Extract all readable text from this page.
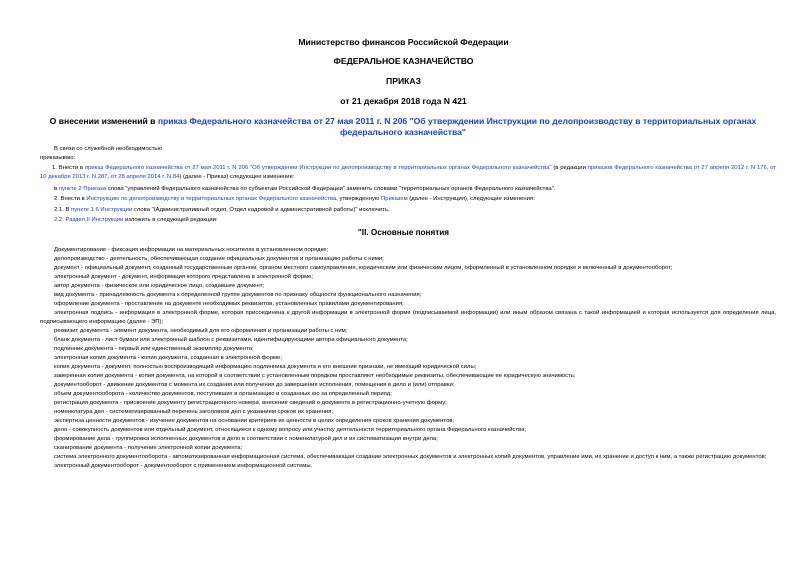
Министерство финансов Российской Федерации
ФЕДЕРАЛЬНОЕ КАЗНАЧЕЙСТВО
ПРИКАЗ
от 21 декабря 2018 года N 421
О внесении изменений в приказ Федерального казначейства от 27 мая 2011 г. N 206 "Об утверждении Инструкции по делопроизводству в территориальных органах федерального казначейства"
В связи со служебной необходимостью
приказываю:
1. Внести в приказ Федерального казначейства от 27 мая 2011 г. N 206 "Об утверждении Инструкции по делопроизводству в территориальных органах Федерального казначейства" (в редакции приказов Федерального казначейства от 27 апреля 2012 г. N 176, от 10 декабря 2013 г. N 287, от 28 апреля 2014 г. N 84) (далее - Приказ) следующее изменение:
в пункте 2 Приказа слова "управлений Федерального казначейства по субъектам Российской Федерации" заменить словами "территориальных органов Федерального казначейства".
2. Внести в Инструкцию по делопроизводству в территориальных органах Федерального казначейства, утвержденную Приказом (далее - Инструкция), следующие изменения:
2.1. В пункте 1.6 Инструкции слова "(Административный отдел, Отдел кадровой и административной работы)" исключить.
2.2. Раздел II Инструкции изложить в следующей редакции:
"II. Основные понятия
Документирование - фиксация информации на материальных носителях в установленном порядке;
делопроизводство - деятельность, обеспечивающая создание официальных документов и организацию работы с ними;
документ - официальный документ, созданный государственным органом, органом местного самоуправления, юридическим или физическим лицом, оформленный в установленном порядке и включенный в документооборот;
электронный документ - документ, информация которого представлена в электронной форме;
автор документа - физическое или юридическое лицо, создавшее документ;
вид документа - принадлежность документа к определенной группе документов по признаку общности функционального назначения;
оформление документа - проставление на документе необходимых реквизитов, установленных правилами документирования;
электронная подпись - информация в электронной форме, которая присоединена к другой информации в электронной форме (подписываемой информации) или иным образом связана с такой информацией и которая используется для определения лица, подписывающего информацию (далее - ЭП);
реквизит документа - элемент документа, необходимый для его оформления и организации работы с ним;
бланк документа - лист бумаги или электронный шаблон с реквизитами, идентифицирующими автора официального документа;
подлинник документа - первый или единственный экземпляр документа;
электронная копия документа - копия документа, созданная в электронной форме;
копия документа - документ, полностью воспроизводящий информацию подлинника документа и его внешние признаки, не имеющий юридической силы;
заверенная копия документа - копия документа, на которой в соответствии с установленным порядком проставляют необходимые реквизиты, обеспечивающие ее юридическую значимость;
документооборот - движение документов с момента их создания или получения до завершения исполнения, помещения в дело и (или) отправки;
объем документооборота - количество документов, поступивших в организацию и созданных ею за определенный период;
регистрация документа - присвоение документу регистрационного номера, внесение сведений о документе в регистрационно-учетную форму;
номенклатура дел - систематизированный перечень заголовков дел с указанием сроков их хранения;
экспертиза ценности документов - изучение документов на основании критериев их ценности в целях определения сроков хранения документов;
дело - совокупность документов или отдельный документ, относящиеся к одному вопросу или участку деятельности территориального органа Федерального казначейства;
формирование дела - группировка исполненных документов в дело в соответствии с номенклатурой дел и их систематизация внутри дела;
сканирование документа - получение электронной копии документа;
система электронного документооборота - автоматизированная информационная система, обеспечивающая создание электронных документов и электронных копий документов, управление ими, их хранение и доступ к ним, а также регистрацию документов;
электронный документооборот - документооборот с применением информационной системы.
